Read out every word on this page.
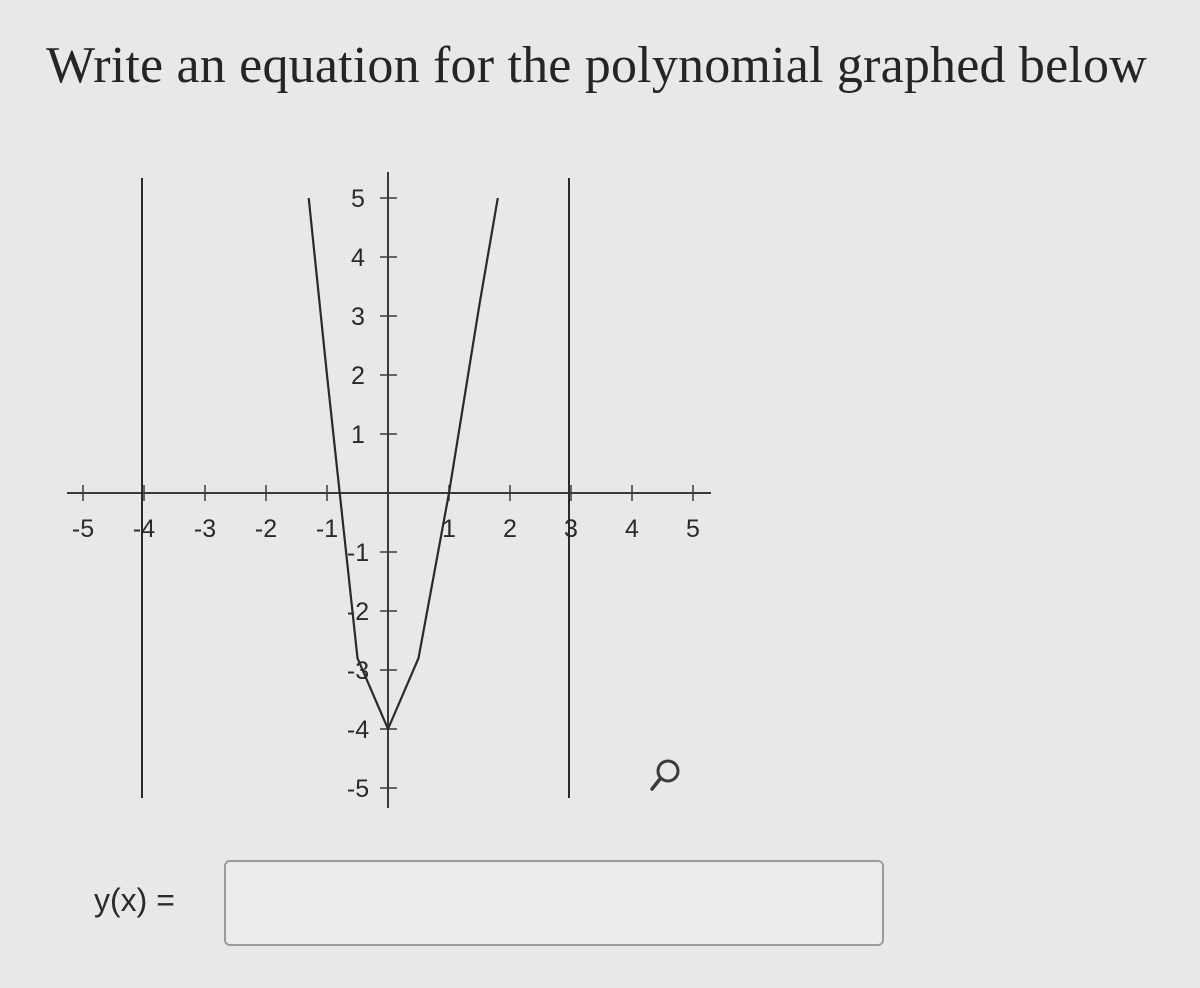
Write an equation for the polynomial graphed below
-5 -4 -3 -2 -1	1 2 3 4 5
5
4
3
2
1
-1
-2
-3
-4
-5
y(x) =
